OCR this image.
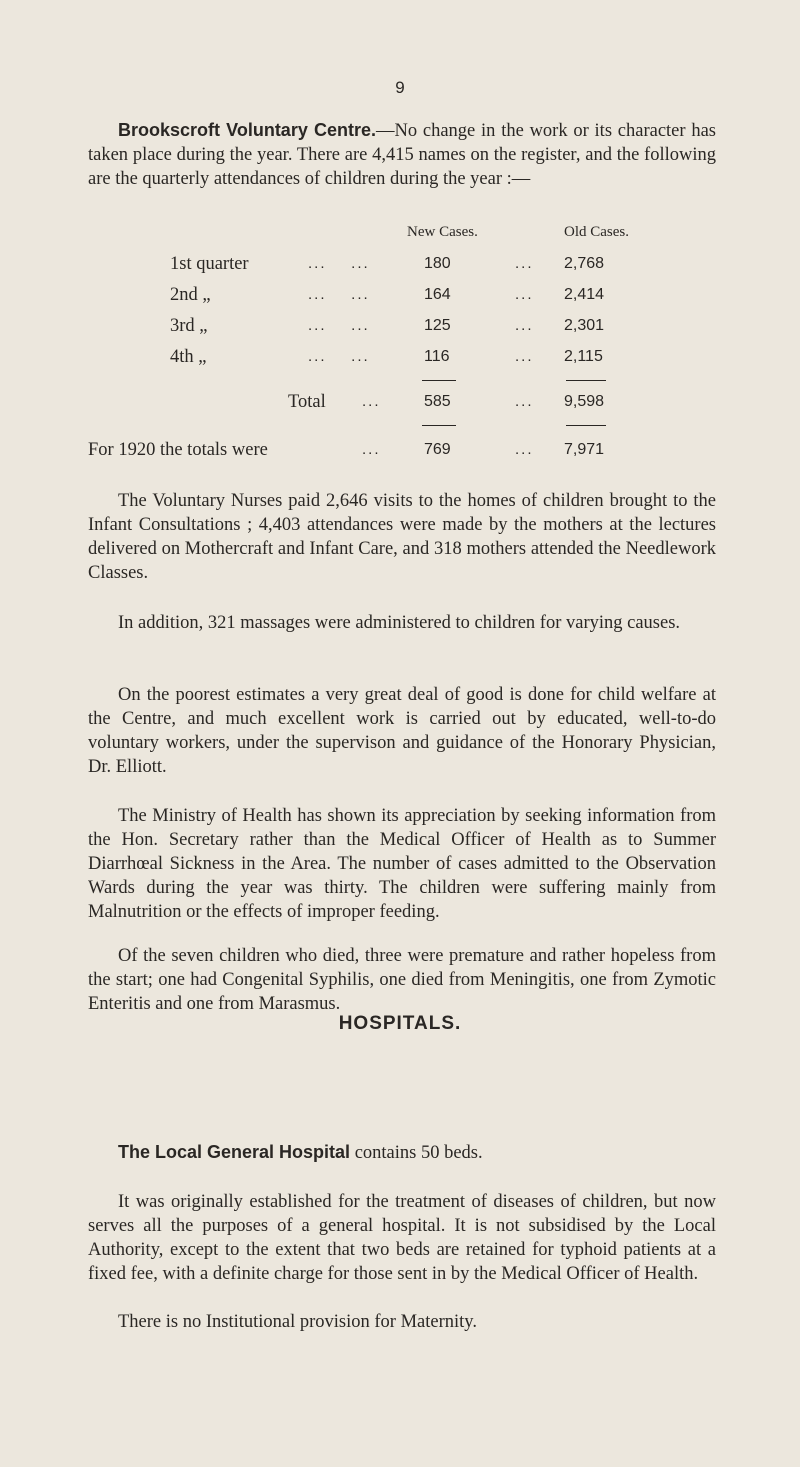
9

Brookscroft Voluntary Centre.—No change in the work or its character has taken place during the year. There are 4,415 names on the register, and the following are the quarterly attendances of children during the year :—

New Cases.	Old Cases.
1st quarter	...    ...	180	... 2,768
2nd „	...    ...	164	... 2,414
3rd „	...    ...	125	... 2,301
4th „	...    ...	116	... 2,115
Total ...	585	... 9,598
For 1920 the totals were	...	769	... 7,971

The Voluntary Nurses paid 2,646 visits to the homes of children brought to the Infant Consultations ; 4,403 attendances were made by the mothers at the lectures delivered on Mothercraft and Infant Care, and 318 mothers attended the Needlework Classes.

In addition, 321 massages were administered to children for varying causes.

On the poorest estimates a very great deal of good is done for child welfare at the Centre, and much excellent work is carried out by educated, well-to-do voluntary workers, under the supervison and guidance of the Honorary Physician, Dr. Elliott.

The Ministry of Health has shown its appreciation by seeking information from the Hon. Secretary rather than the Medical Officer of Health as to Summer Diarrhœal Sickness in the Area. The number of cases admitted to the Observation Wards during the year was thirty. The children were suffering mainly from Malnutrition or the effects of improper feeding.

Of the seven children who died, three were premature and rather hopeless from the start; one had Congenital Syphilis, one died from Meningitis, one from Zymotic Enteritis and one from Marasmus.

The Local General Hospital contains 50 beds.

It was originally established for the treatment of diseases of children, but now serves all the purposes of a general hospital. It is not subsidised by the Local Authority, except to the extent that two beds are retained for typhoid patients at a fixed fee, with a definite charge for those sent in by the Medical Officer of Health.

There is no Institutional provision for Maternity.

HOSPITALS.
